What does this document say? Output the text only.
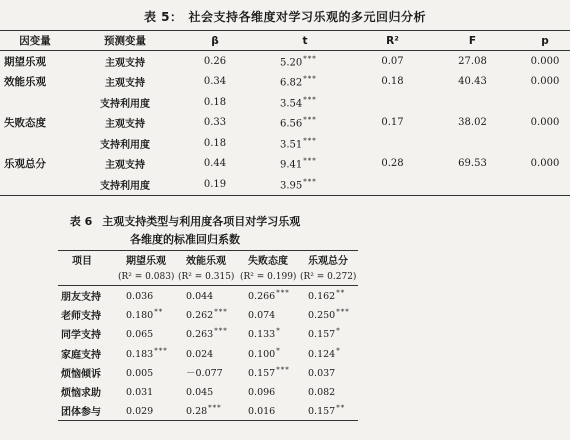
表 5： 社会支持各维度对学习乐观的多元回归分析
因变量	预测变量	β	t	R²	F	p
期望乐观	主观支持	0.26	5.20***	0.07	27.08	0.000
效能乐观	主观支持	0.34	6.82***	0.18	40.43	0.000
	支持利用度	0.18	3.54***			
失败态度	主观支持	0.33	6.56***	0.17	38.02	0.000
	支持利用度	0.18	3.51***			
乐观总分	主观支持	0.44	9.41***	0.28	69.53	0.000
	支持利用度	0.19	3.95***			
表 6 主观支持类型与利用度各项目对学习乐观
各维度的标准回归系数
项目	期望乐观	效能乐观	失败态度	乐观总分
	(R² = 0.083)	(R² = 0.315)	(R² = 0.199)	(R² = 0.272)
朋友支持	0.036	0.044	0.266***	0.162**
老师支持	0.180**	0.262***	0.074	0.250***
同学支持	0.065	0.263***	0.133*	0.157*
家庭支持	0.183***	0.024	0.100*	0.124*
烦恼倾诉	0.005	－0.077	0.157***	0.037
烦恼求助	0.031	0.045	0.096	0.082
团体参与	0.029	0.28***	0.016	0.157**
